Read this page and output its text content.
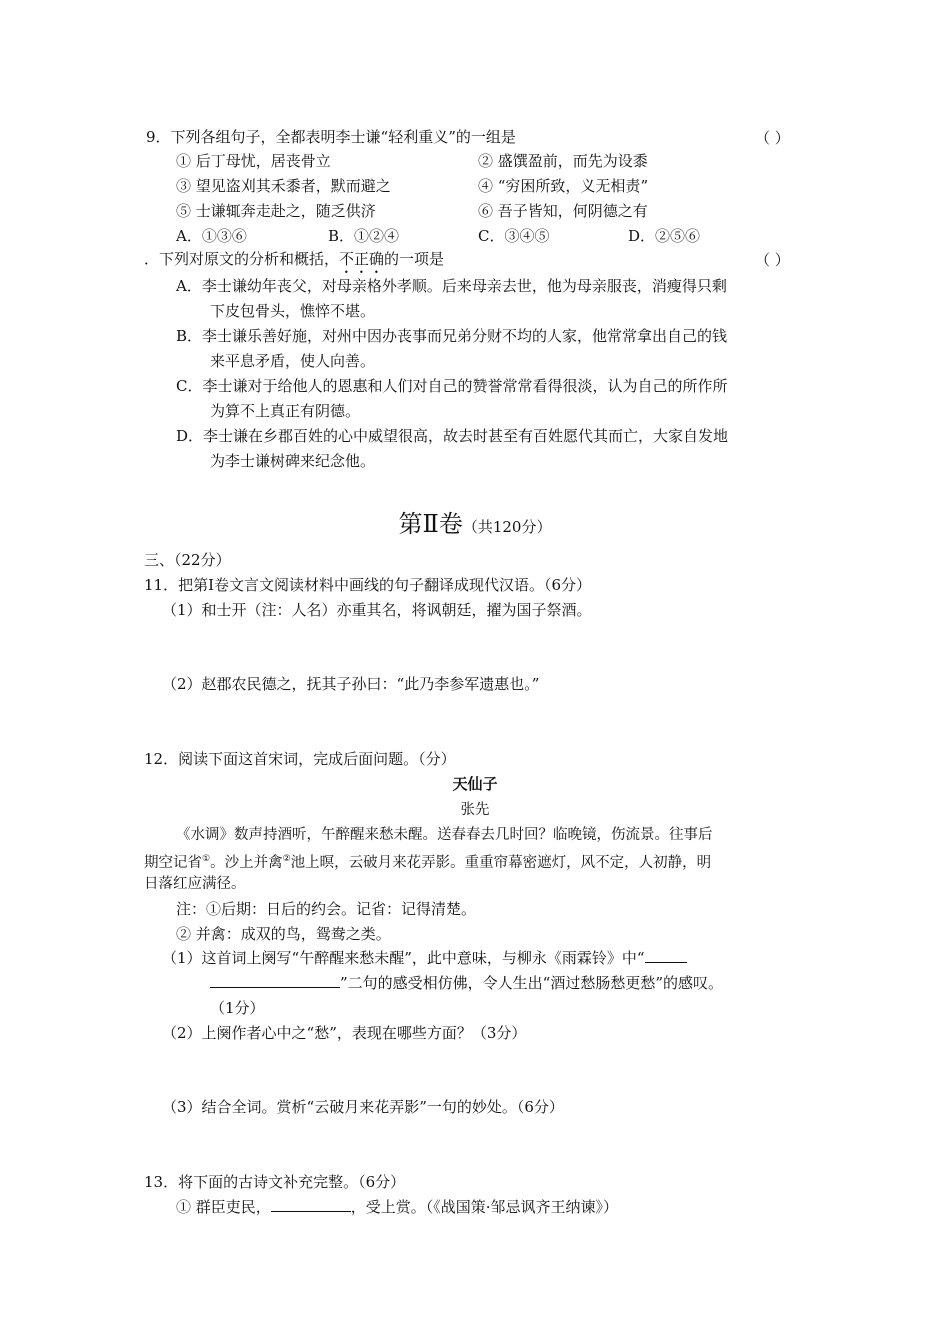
9．下列各组句子，全都表明李士谦“轻利重义”的一组是	（ ）
① 后丁母忧，居丧骨立	② 盛馔盈前，而先为设黍
③ 望见盗刈其禾黍者，默而避之	④ “穷困所致，义无相责”
⑤ 士谦辄奔走赴之，随乏供济	⑥ 吾子皆知，何阴德之有
A．①③⑥	B．①②④	C．③④⑤	D．②⑤⑥
．下列对原文的分析和概括，不正确的一项是	（ ）
A．李士谦幼年丧父，对母亲格外孝顺。后来母亲去世，他为母亲服丧，消瘦得只剩
下皮包骨头，憔悴不堪。
B．李士谦乐善好施，对州中因办丧事而兄弟分财不均的人家，他常常拿出自己的钱
来平息矛盾，使人向善。
C．李士谦对于给他人的恩惠和人们对自己的赞誉常常看得很淡，认为自己的所作所
为算不上真正有阴德。
D．李士谦在乡郡百姓的心中威望很高，故去时甚至有百姓愿代其而亡，大家自发地
为李士谦树碑来纪念他。
第Ⅱ卷（共120分）
三、（22分）
11．把第Ⅰ卷文言文阅读材料中画线的句子翻译成现代汉语。（6分）
（1）和士开（注：人名）亦重其名，将讽朝廷，擢为国子祭酒。
（2）赵郡农民德之，抚其子孙曰：“此乃李参军遗惠也。”
12．阅读下面这首宋词，完成后面问题。（分）
天仙子
张先
《水调》数声持酒听，午醉醒来愁未醒。送春春去几时回？临晚镜，伤流景。往事后
期空记省①。沙上并禽②池上暝，云破月来花弄影。重重帘幕密遮灯，风不定，人初静，明
日落红应满径。
注：①后期：日后的约会。记省：记得清楚。
② 并禽：成双的鸟，鸳鸯之类。
（1）这首词上阕写“午醉醒来愁未醒”，此中意味，与柳永《雨霖铃》中“
”二句的感受相仿佛，令人生出“酒过愁肠愁更愁”的感叹。
（1分）
（2）上阕作者心中之“愁”，表现在哪些方面？（3分）
（3）结合全词。赏析“云破月来花弄影”一句的妙处。（6分）
13．将下面的古诗文补充完整。（6分）
① 群臣吏民，	，受上赏。（《战国策·邹忌讽齐王纳谏》）
